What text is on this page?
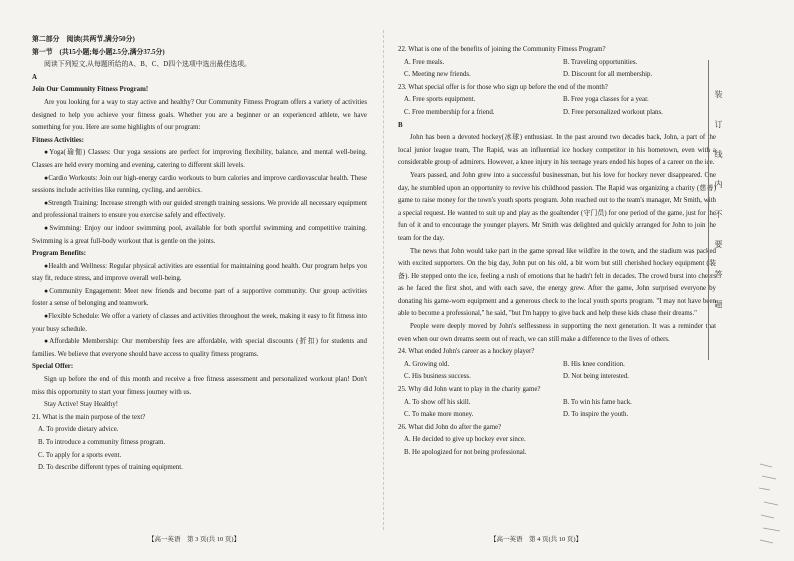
第二部分　阅读(共两节,满分50分)

第一节　(共15小题;每小题2.5分,满分37.5分)

阅读下列短文,从每题所给的A、B、C、D四个选项中选出最佳选项。

A

Join Our Community Fitness Program!

Are you looking for a way to stay active and healthy? Our Community Fitness Program offers a variety of activities designed to help you achieve your fitness goals. Whether you are a beginner or an experienced athlete, we have something for you. Here are some highlights of our program:

Fitness Activities:

●Yoga(瑜伽) Classes: Our yoga sessions are perfect for improving flexibility, balance, and mental well-being. Classes are held every morning and evening, catering to different skill levels.

●Cardio Workouts: Join our high-energy cardio workouts to burn calories and improve cardiovascular health. These sessions include activities like running, cycling, and aerobics.

●Strength Training: Increase strength with our guided strength training sessions. We provide all necessary equipment and professional trainers to ensure you exercise safely and effectively.

●Swimming: Enjoy our indoor swimming pool, available for both sportful swimming and competitive training. Swimming is a great full-body workout that is gentle on the joints.

Program Benefits:

●Health and Wellness: Regular physical activities are essential for maintaining good health. Our program helps you stay fit, reduce stress, and improve overall well-being.

●Community Engagement: Meet new friends and become part of a supportive community. Our group activities foster a sense of belonging and teamwork.

●Flexible Schedule: We offer a variety of classes and activities throughout the week, making it easy to fit fitness into your busy schedule.

●Affordable Membership: Our membership fees are affordable, with special discounts (折扣) for students and families. We believe that everyone should have access to quality fitness programs.

Special Offer:

Sign up before the end of this month and receive a free fitness assessment and personalized workout plan! Don't miss this opportunity to start your fitness journey with us.

Stay Active! Stay Healthy!

21. What is the main purpose of the text?

A. To provide dietary advice.
B. To introduce a community fitness program.
C. To apply for a sports event.
D. To describe different types of training equipment.

22. What is one of the benefits of joining the Community Fitness Program?

A. Free meals.	B. Traveling opportunities.
C. Meeting new friends.	D. Discount for all membership.

23. What special offer is for those who sign up before the end of the month?

A. Free sports equipment.	B. Free yoga classes for a year.
C. Free membership for a friend.	D. Free personalized workout plans.

B

John has been a devoted hockey(冰球) enthusiast. In the past around two decades back, John, a part of the local junior league team, The Rapid, was an influential ice hockey competitor in his hometown, even with a considerable group of admirers. However, a knee injury in his teenage years ended his hopes of a career on the ice.

Years passed, and John grew into a successful businessman, but his love for hockey never disappeared. One day, he stumbled upon an opportunity to revive his childhood passion. The Rapid was organizing a charity (慈善) game to raise money for the town's youth sports program. John reached out to the team's manager, Mr Smith, with a special request. He wanted to suit up and play as the goaltender (守门员) for one period of the game, just for the fun of it and to encourage the younger players. Mr Smith was delighted and quickly arranged for John to join the team for the day.

The news that John would take part in the game spread like wildfire in the town, and the stadium was packed with excited supporters. On the big day, John put on his old, a bit worn but still cherished hockey equipment (装备). He stepped onto the ice, feeling a rush of emotions that he hadn't felt in decades. The crowd burst into cheers as he faced the first shot, and with each save, the energy grew. After the game, John surprised everyone by donating his game-worn equipment and a generous check to the local youth sports program. "I may not have been able to become a professional," he said, "but I'm happy to give back and help these kids chase their dreams."

People were deeply moved by John's selflessness in supporting the next generation. It was a reminder that even when our own dreams seem out of reach, we can still make a difference to the lives of others.

24. What ended John's career as a hockey player?

A. Growing old.	B. His knee condition.
C. His business success.	D. Not being interested.

25. Why did John want to play in the charity game?

A. To show off his skill.	B. To win his fame back.
C. To make more money.	D. To inspire the youth.

26. What did John do after the game?

A. He decided to give up hockey ever since.
B. He apologized for not being professional.
【高一英语　第 3 页(共 10 页)】	【高一英语　第 4 页(共 10 页)】
装
订
线
内
不
要
答
题
